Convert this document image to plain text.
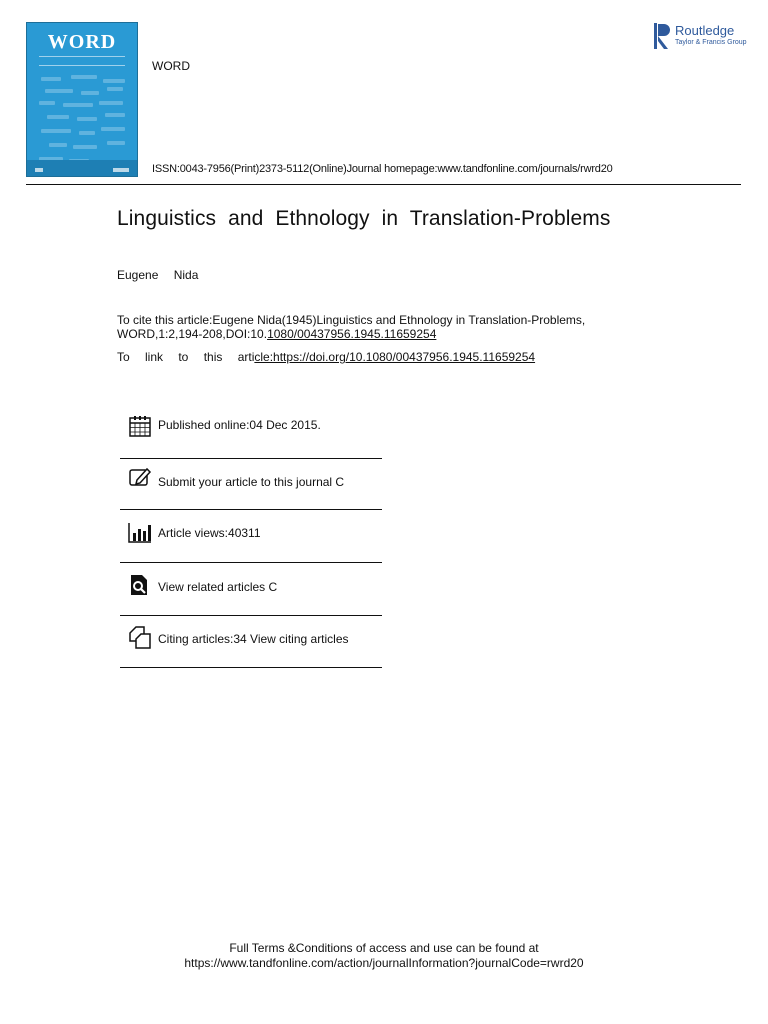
WORD
WORD
ISSN:0043-7956(Print)2373-5112(Online)Journal homepage:www.tandfonline.com/journals/rwrd20
Routledge
Taylor & Francis Group
Linguistics and Ethnology in Translation-Problems
Eugene Nida
To cite this article:Eugene Nida(1945)Linguistics and Ethnology in Translation-Problems,
WORD,1:2,194-208,DOI:10.1080/00437956.1945.11659254
To link to this article:https://doi.org/10.1080/00437956.1945.11659254
Published online:04 Dec 2015.
Submit your article to this journal C
Article views:40311
View related articles C
Citing articles:34 View citing articles
Full Terms &Conditions of access and use can be found at
https://www.tandfonline.com/action/journalInformation?journalCode=rwrd20
